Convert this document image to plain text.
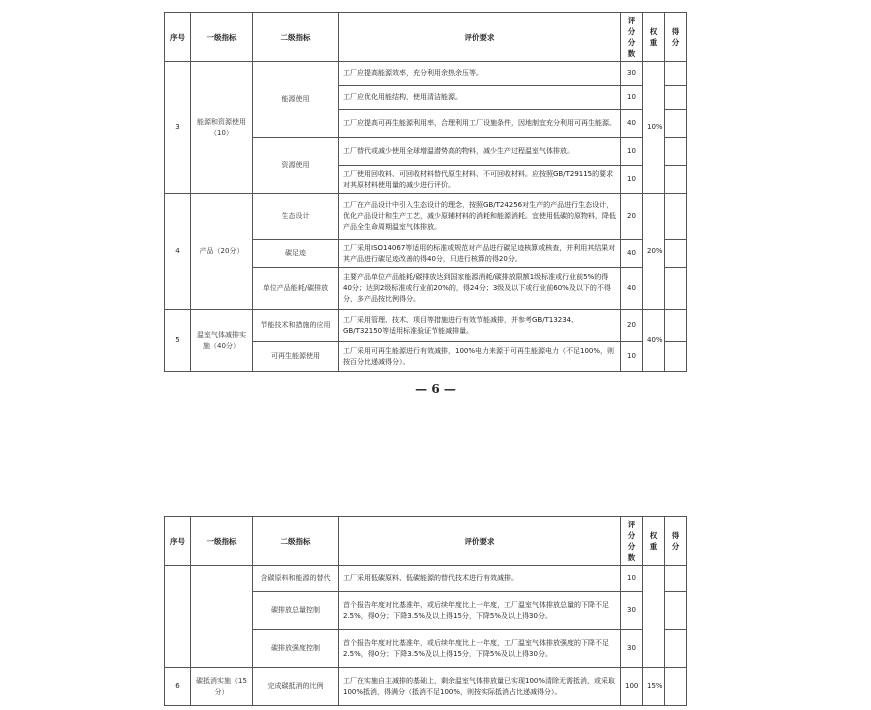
序号	一级指标	二级指标	评价要求	评分分数	权重	得分
3	能源和资源使用（10）	能源使用	工厂应提高能源效率，充分利用余热余压等。	30	10%	
			工厂应优化用能结构，使用清洁能源。	10		
			工厂应提高可再生能源利用率，合理利用工厂设施条件，因地制宜充分利用可再生能源。	40		
		资源使用	工厂替代或减少使用全球增温潜势高的物料，减少生产过程温室气体排放。	10		
			工厂使用回收料、可回收材料替代原生材料、不可回收材料。应按照GB/T29115的要求对其原材料使用量的减少进行评价。	10		
4	产品（20分）	生态设计	工厂在产品设计中引入生态设计的理念，按照GB/T24256对生产的产品进行生态设计，优化产品设计和生产工艺，减少原辅材料的消耗和能源消耗。宜使用低碳的原物料，降低产品全生命周期温室气体排放。	20	20%	
		碳足迹	工厂采用ISO14067等适用的标准或规范对产品进行碳足迹核算或核查，并利用其结果对其产品进行碳足迹改善的得40分，只进行核算的得20分。	40		
		单位产品能耗/碳排放	主要产品单位产品能耗/碳排放达到国家能源消耗/碳排放限额1级标准或行业前5%的得40分；达到2级标准或行业前20%的，得24分；3级及以下或行业前60%及以下的不得分，多产品按比例得分。	40		
5	温室气体减排实施（40分）	节能技术和措施的应用	工厂采用管理、技术、项目等措施进行有效节能减排，并参考GB/T13234、GB/T32150等适用标准验证节能减排量。	20	40%	
		可再生能源使用	工厂采用可再生能源进行有效减排，100%电力来源于可再生能源电力（不足100%，则按百分比递减得分）。	10		
— 6 —
序号	一级指标	二级指标	评价要求	评分分数	权重	得分
		含碳原料和能源的替代	工厂采用低碳原料、低碳能源的替代技术进行有效减排。	10		
		碳排放总量控制	首个报告年度对比基准年，或后续年度比上一年度，工厂温室气体排放总量的下降不足2.5%，得0分；下降3.5%及以上得15分，下降5%及以上得30分。	30		
		碳排放强度控制	首个报告年度对比基准年，或后续年度比上一年度，工厂温室气体排放强度的下降不足2.5%，得0分；下降3.5%及以上得15分，下降5%及以上得30分。	30		
6	碳抵消实施（15分）	完成碳抵消的比例	工厂在实施自主减排的基础上，剩余温室气体排放量已实现100%清除无需抵消，或采取100%抵消，得满分（抵消不足100%，则按实际抵消占比递减得分）。	100	15%	
